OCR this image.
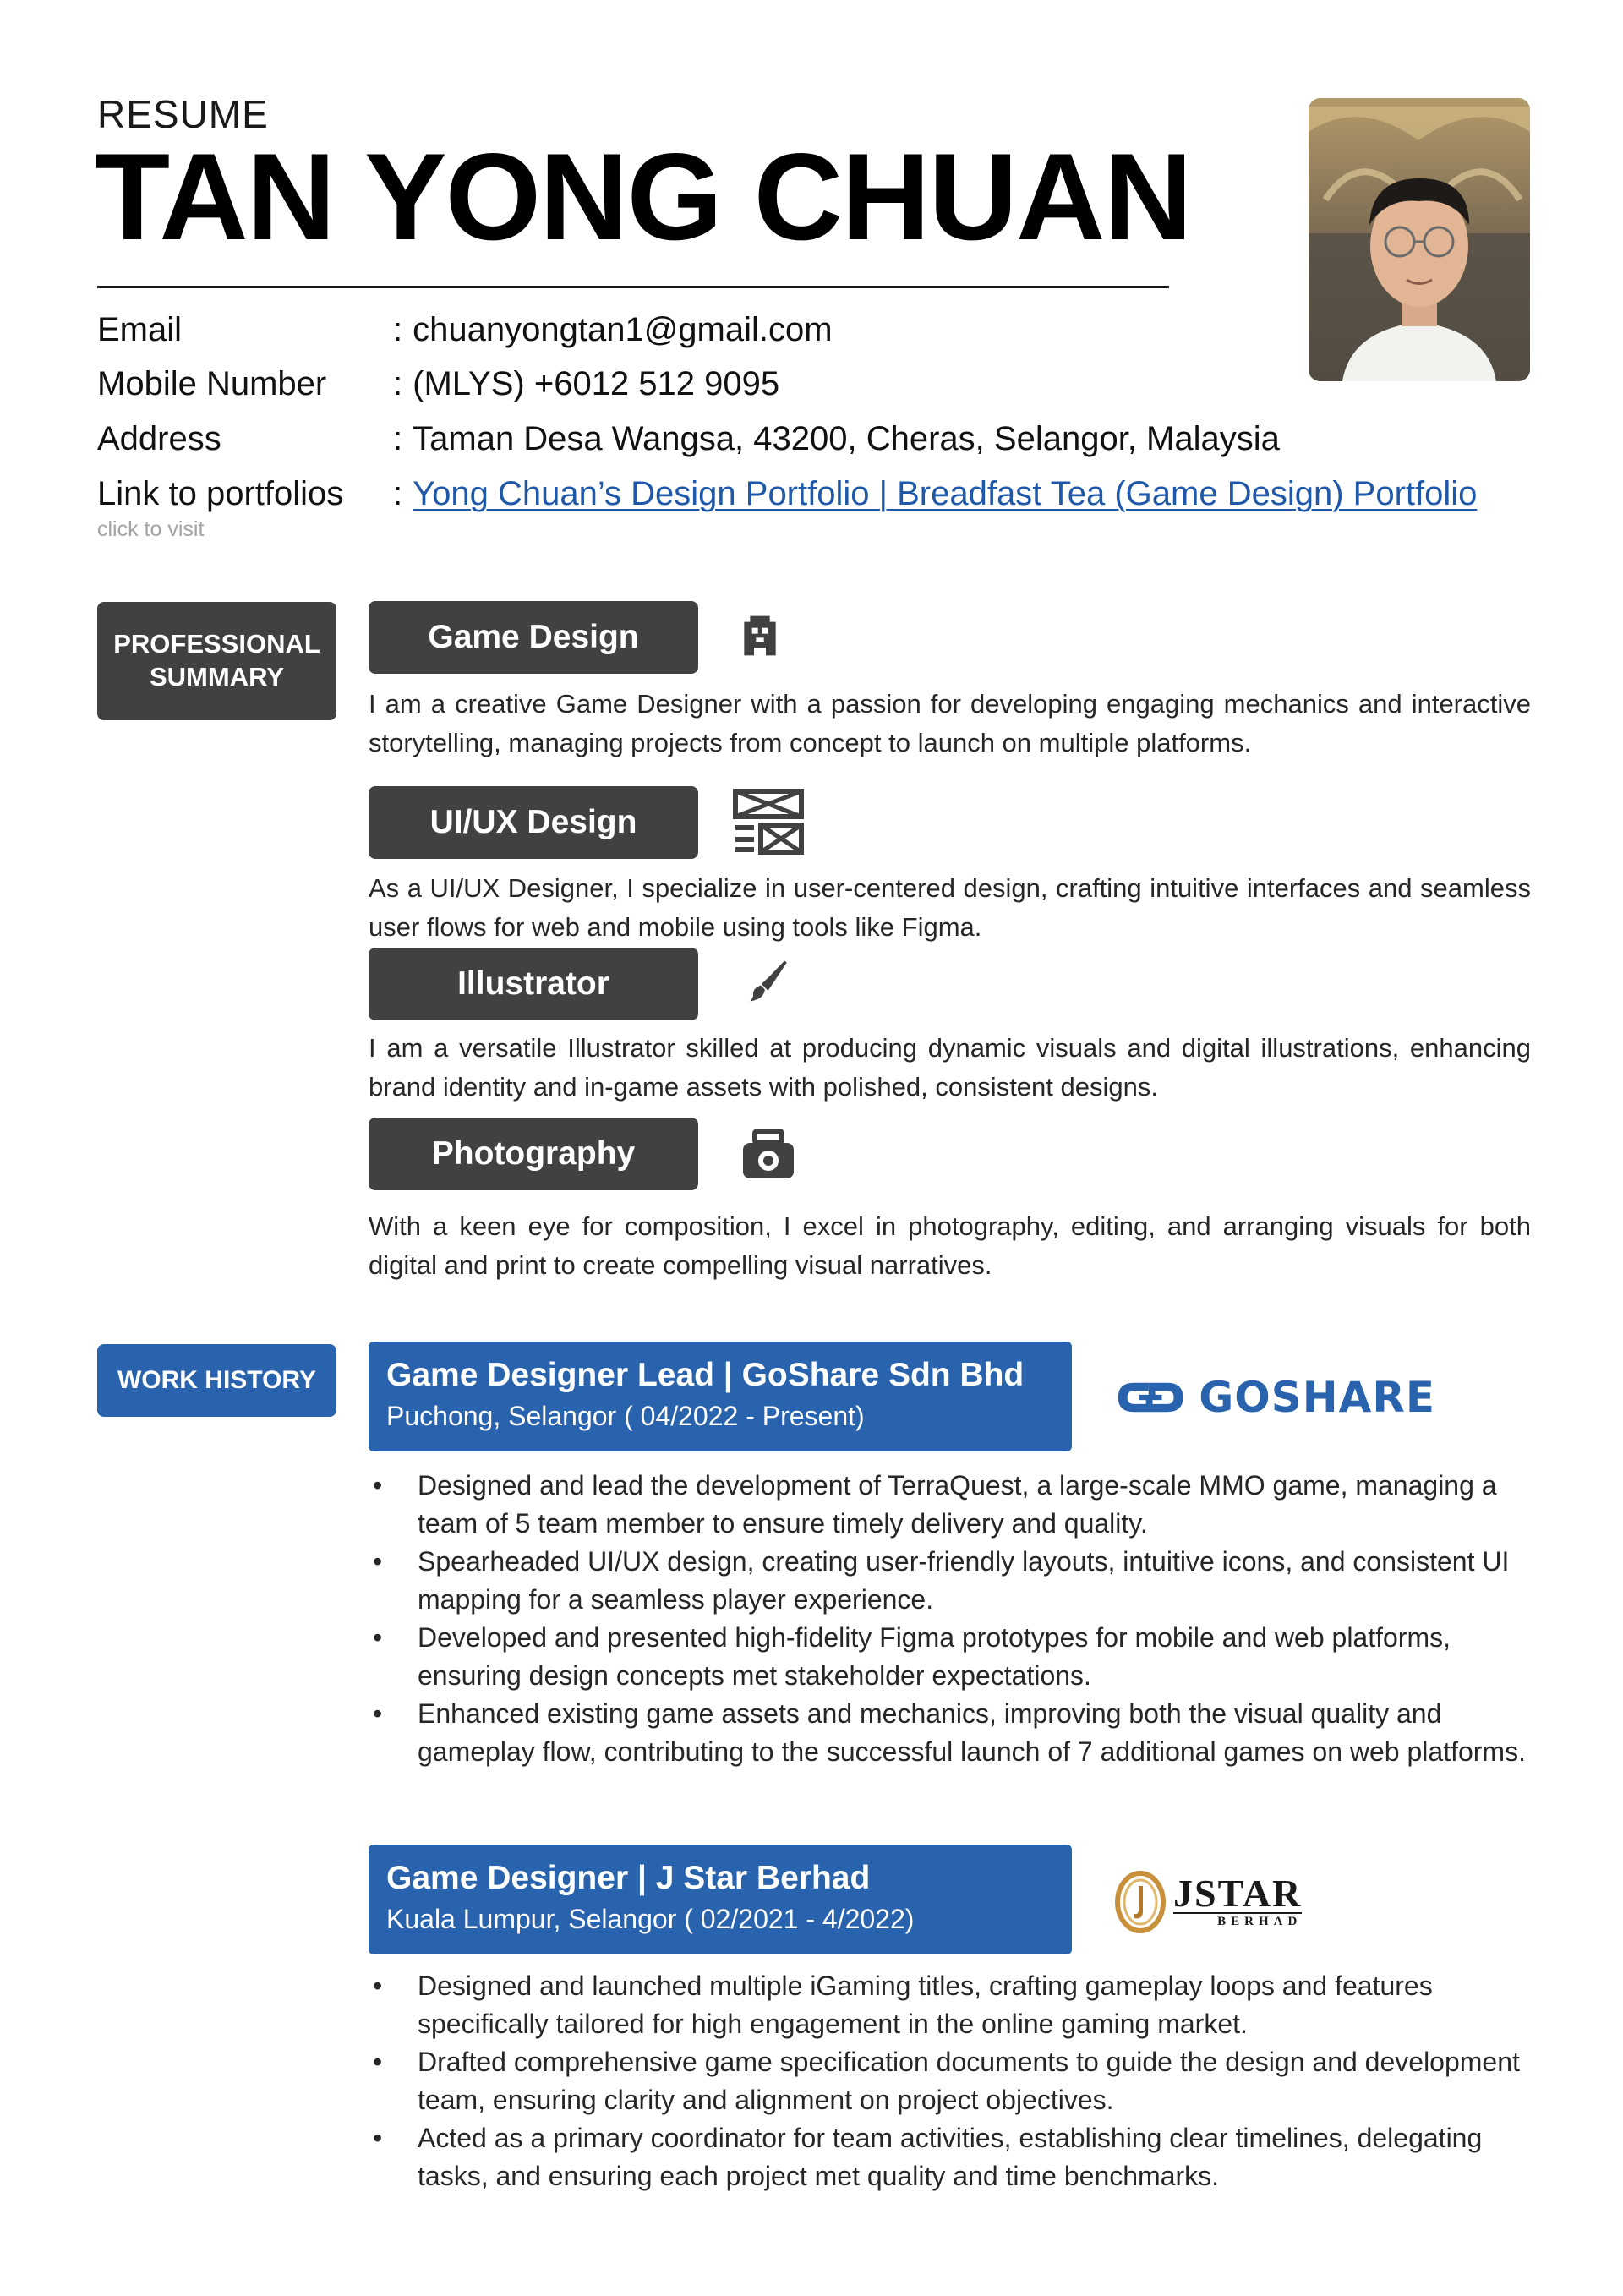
RESUME
TAN YONG CHUAN
Email	: chuanyongtan1@gmail.com
Mobile Number : (MLYS) +6012 512 9095
Address	: Taman Desa Wangsa, 43200, Cheras, Selangor, Malaysia
Link to portfolios : Yong Chuan’s Design Portfolio | Breadfast Tea (Game Design) Portfolio
click to visit
PROFESSIONAL
SUMMARY
Game Design
I am a creative Game Designer with a passion for developing engaging mechanics and interactive storytelling, managing projects from concept to launch on multiple platforms.
UI/UX Design
As a UI/UX Designer, I specialize in user-centered design, crafting intuitive interfaces and seamless user flows for web and mobile using tools like Figma.
Illustrator
I am a versatile Illustrator skilled at producing dynamic visuals and digital illustrations, enhancing brand identity and in-game assets with polished, consistent designs.
Photography
With a keen eye for composition, I excel in photography, editing, and arranging visuals for both digital and print to create compelling visual narratives.
WORK HISTORY	Game Designer Lead | GoShare Sdn Bhd
Puchong, Selangor ( 04/2022 - Present)	GOSHARE
• Designed and lead the development of TerraQuest, a large-scale MMO game, managing a team of 5 team member to ensure timely delivery and quality.
• Spearheaded UI/UX design, creating user-friendly layouts, intuitive icons, and consistent UI mapping for a seamless player experience.
• Developed and presented high-fidelity Figma prototypes for mobile and web platforms, ensuring design concepts met stakeholder expectations.
• Enhanced existing game assets and mechanics, improving both the visual quality and gameplay flow, contributing to the successful launch of 7 additional games on web platforms.
Game Designer | J Star Berhad
Kuala Lumpur, Selangor ( 02/2021 - 4/2022)
JSTAR
BERHAD
• Designed and launched multiple iGaming titles, crafting gameplay loops and features specifically tailored for high engagement in the online gaming market.
• Drafted comprehensive game specification documents to guide the design and development team, ensuring clarity and alignment on project objectives.
• Acted as a primary coordinator for team activities, establishing clear timelines, delegating tasks, and ensuring each project met quality and time benchmarks.
